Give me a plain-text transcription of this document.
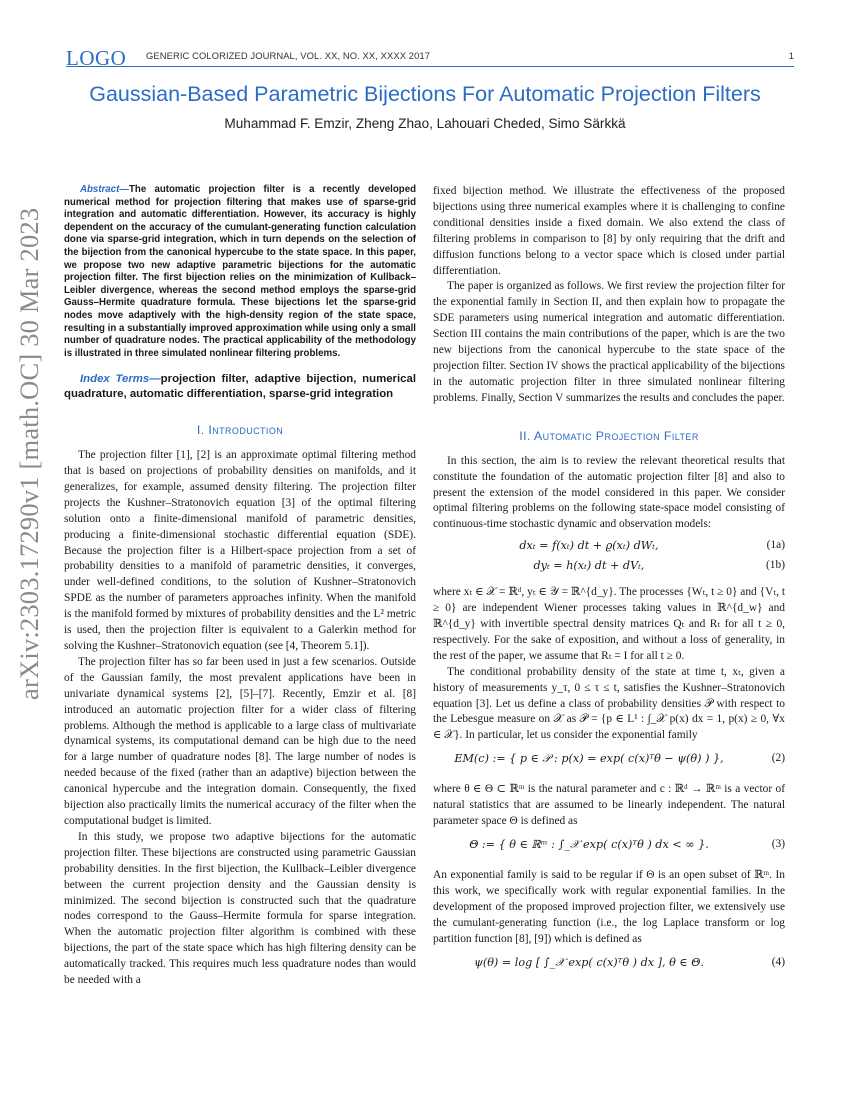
LOGO GENERIC COLORIZED JOURNAL, VOL. XX, NO. XX, XXXX 2017	1
Gaussian-Based Parametric Bijections For Automatic Projection Filters
Muhammad F. Emzir, Zheng Zhao, Lahouari Cheded, Simo Särkkä
arXiv:2303.17290v1 [math.OC] 30 Mar 2023

Abstract—The automatic projection filter is a recently developed numerical method for projection filtering that makes use of sparse-grid integration and automatic differentiation. However, its accuracy is highly dependent on the accuracy of the cumulant-generating function calculation done via sparse-grid integration, which in turn depends on the selection of the bijection from the canonical hypercube to the state space. In this paper, we propose two new adaptive parametric bijections for the automatic projection filter. The first bijection relies on the minimization of Kullback–Leibler divergence, whereas the second method employs the sparse-grid Gauss–Hermite quadrature formula. These bijections let the sparse-grid nodes move adaptively with the high-density region of the state space, resulting in a substantially improved approximation while using only a small number of quadrature nodes. The practical applicability of the methodology is illustrated in three simulated nonlinear filtering problems.

Index Terms—projection filter, adaptive bijection, numerical quadrature, automatic differentiation, sparse-grid integration

I. Introduction

The projection filter [1], [2] is an approximate optimal filtering method that is based on projections of probability densities on manifolds, and it generalizes, for example, assumed density filtering. The projection filter projects the Kushner–Stratonovich equation [3] of the optimal filtering solution onto a finite-dimensional manifold of parametric densities, producing a finite-dimensional stochastic differential equation (SDE). Because the projection filter is a Hilbert-space projection from a set of probability densities to a manifold of parametric densities, it converges, under well-defined conditions, to the solution of Kushner–Stratonovich SPDE as the number of parameters approaches infinity. When the manifold is the manifold formed by mixtures of probability densities and the L² metric is used, then the projection filter is equivalent to a Galerkin method for solving the Kushner–Stratonovich equation (see [4, Theorem 5.1]).

The projection filter has so far been used in just a few scenarios. Outside of the Gaussian family, the most prevalent applications have been in univariate dynamical systems [2], [5]–[7]. Recently, Emzir et al. [8] introduced an automatic projection filter for a wider class of filtering problems. Although the method is applicable to a large class of multivariate dynamical systems, its computational demand can be high due to the need for a large number of quadrature nodes [8]. The large number of nodes is needed because of the fixed (rather than an adaptive) bijection between the canonical hypercube and the integration domain. Consequently, the fixed bijection also practically limits the numerical accuracy of the filter when the computational budget is limited.

In this study, we propose two adaptive bijections for the automatic projection filter. These bijections are constructed using parametric Gaussian probability densities. In the first bijection, the Kullback–Leibler divergence between the current projection density and the Gaussian density is minimized. The second bijection is constructed such that the quadrature nodes correspond to the Gauss–Hermite formula for sparse integration. When the automatic projection filter algorithm is combined with these bijections, the part of the state space which has high filtering density can be automatically tracked. This requires much less quadrature nodes than would be needed with a

fixed bijection method. We illustrate the effectiveness of the proposed bijections using three numerical examples where it is challenging to confine conditional densities inside a fixed domain. We also extend the class of filtering problems in comparison to [8] by only requiring that the drift and diffusion functions belong to a vector space which is closed under partial differentiation.

The paper is organized as follows. We first review the projection filter for the exponential family in Section II, and then explain how to propagate the SDE parameters using numerical integration and automatic differentiation. Section III contains the main contributions of the paper, which is are the two new bijections from the canonical hypercube to the state space of the projection filter. Section IV shows the practical applicability of the bijections in the automatic projection filter in three simulated nonlinear filtering problems. Finally, Section V summarizes the results and concludes the paper.

II. Automatic Projection Filter

In this section, the aim is to review the relevant theoretical results that constitute the foundation of the automatic projection filter [8] and also to present the extension of the model considered in this paper. We consider optimal filtering problems on the following state-space model consisting of continuous-time stochastic dynamic and observation models:

dxₜ = f(xₜ) dt + ϱ(xₜ) dWₜ,	(1a)
dyₜ = h(xₜ) dt + dVₜ,	(1b)

where xₜ ∈ 𝒳 = ℝᵈ, yₜ ∈ 𝒴 = ℝ^{d_y}. The processes {Wₜ, t ≥ 0} and {Vₜ, t ≥ 0} are independent Wiener processes taking values in ℝ^{d_w} and ℝ^{d_y} with invertible spectral density matrices Qₜ and Rₜ for all t ≥ 0, respectively. For the sake of exposition, and without a loss of generality, in the rest of the paper, we assume that Rₜ = I for all t ≥ 0.

The conditional probability density of the state at time t, xₜ, given a history of measurements y_τ, 0 ≤ τ ≤ t, satisfies the Kushner–Stratonovich equation [3]. Let us define a class of probability densities 𝒫 with respect to the Lebesgue measure on 𝒳 as 𝒫 = {p ∈ L¹ : ∫_𝒳 p(x) dx = 1, p(x) ≥ 0, ∀x ∈ 𝒳}. In particular, let us consider the exponential family

EM(c) := { p ∈ 𝒫 : p(x) = exp( c(x)ᵀθ − ψ(θ) ) },	(2)

where θ ∈ Θ ⊂ ℝᵐ is the natural parameter and c : ℝᵈ → ℝᵐ is a vector of natural statistics that are assumed to be linearly independent. The natural parameter space Θ is defined as

Θ := { θ ∈ ℝᵐ : ∫_𝒳 exp( c(x)ᵀθ ) dx < ∞ }.	(3)

An exponential family is said to be regular if Θ is an open subset of ℝᵐ. In this work, we specifically work with regular exponential families. In the development of the proposed improved projection filter, we extensively use the cumulant-generating function (i.e., the log Laplace transform or log partition function [8], [9]) which is defined as

ψ(θ) = log [ ∫_𝒳 exp( c(x)ᵀθ ) dx ], θ ∈ Θ.	(4)
